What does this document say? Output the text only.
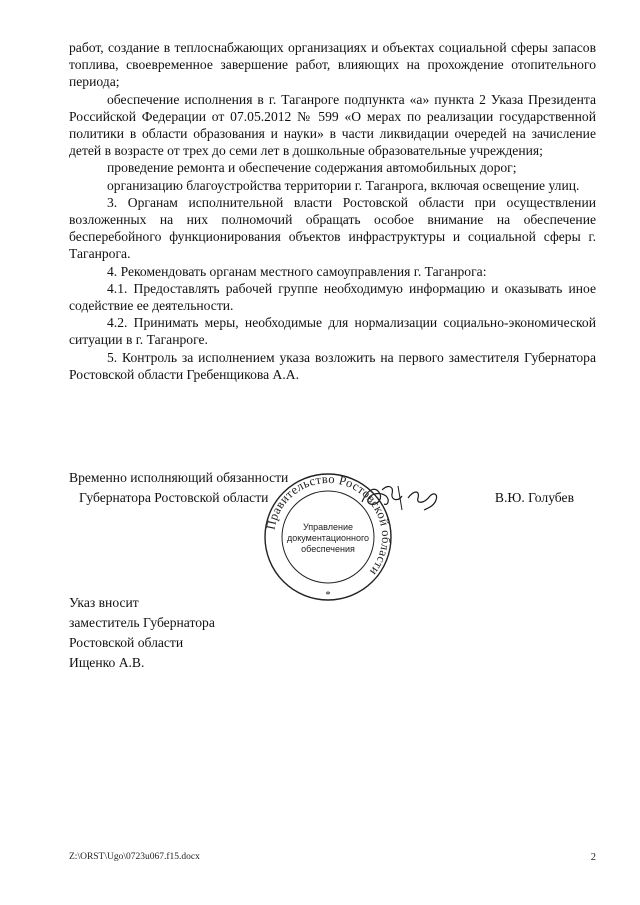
работ, создание в теплоснабжающих организациях и объектах социальной сферы запасов топлива, своевременное завершение работ, влияющих на прохождение отопительного периода;

обеспечение исполнения в г. Таганроге подпункта «а» пункта 2 Указа Президента Российской Федерации от 07.05.2012 № 599 «О мерах по реализации государственной политики в области образования и науки» в части ликвидации очередей на зачисление детей в возрасте от трех до семи лет в дошкольные образовательные учреждения;

проведение ремонта и обеспечение содержания автомобильных дорог;

организацию благоустройства территории г. Таганрога, включая освещение улиц.

3. Органам исполнительной власти Ростовской области при осуществлении возложенных на них полномочий обращать особое внимание на обеспечение бесперебойного функционирования объектов инфраструктуры и социальной сферы г. Таганрога.

4. Рекомендовать органам местного самоуправления г. Таганрога:

4.1. Предоставлять рабочей группе необходимую информацию и оказывать иное содействие ее деятельности.

4.2. Принимать меры, необходимые для нормализации социально-экономической ситуации в г. Таганроге.

5. Контроль за исполнением указа возложить на первого заместителя Губернатора Ростовской области Гребенщикова А.А.

Временно исполняющий обязанности
Губернатора Ростовской области	В.Ю. Голубев
Правительство Ростовской области
Управление
документационного
обеспечения
*
Указ вносит
заместитель Губернатора
Ростовской области
Ищенко А.В.
Z:\ORST\Ugo\0723u067.f15.docx	2
